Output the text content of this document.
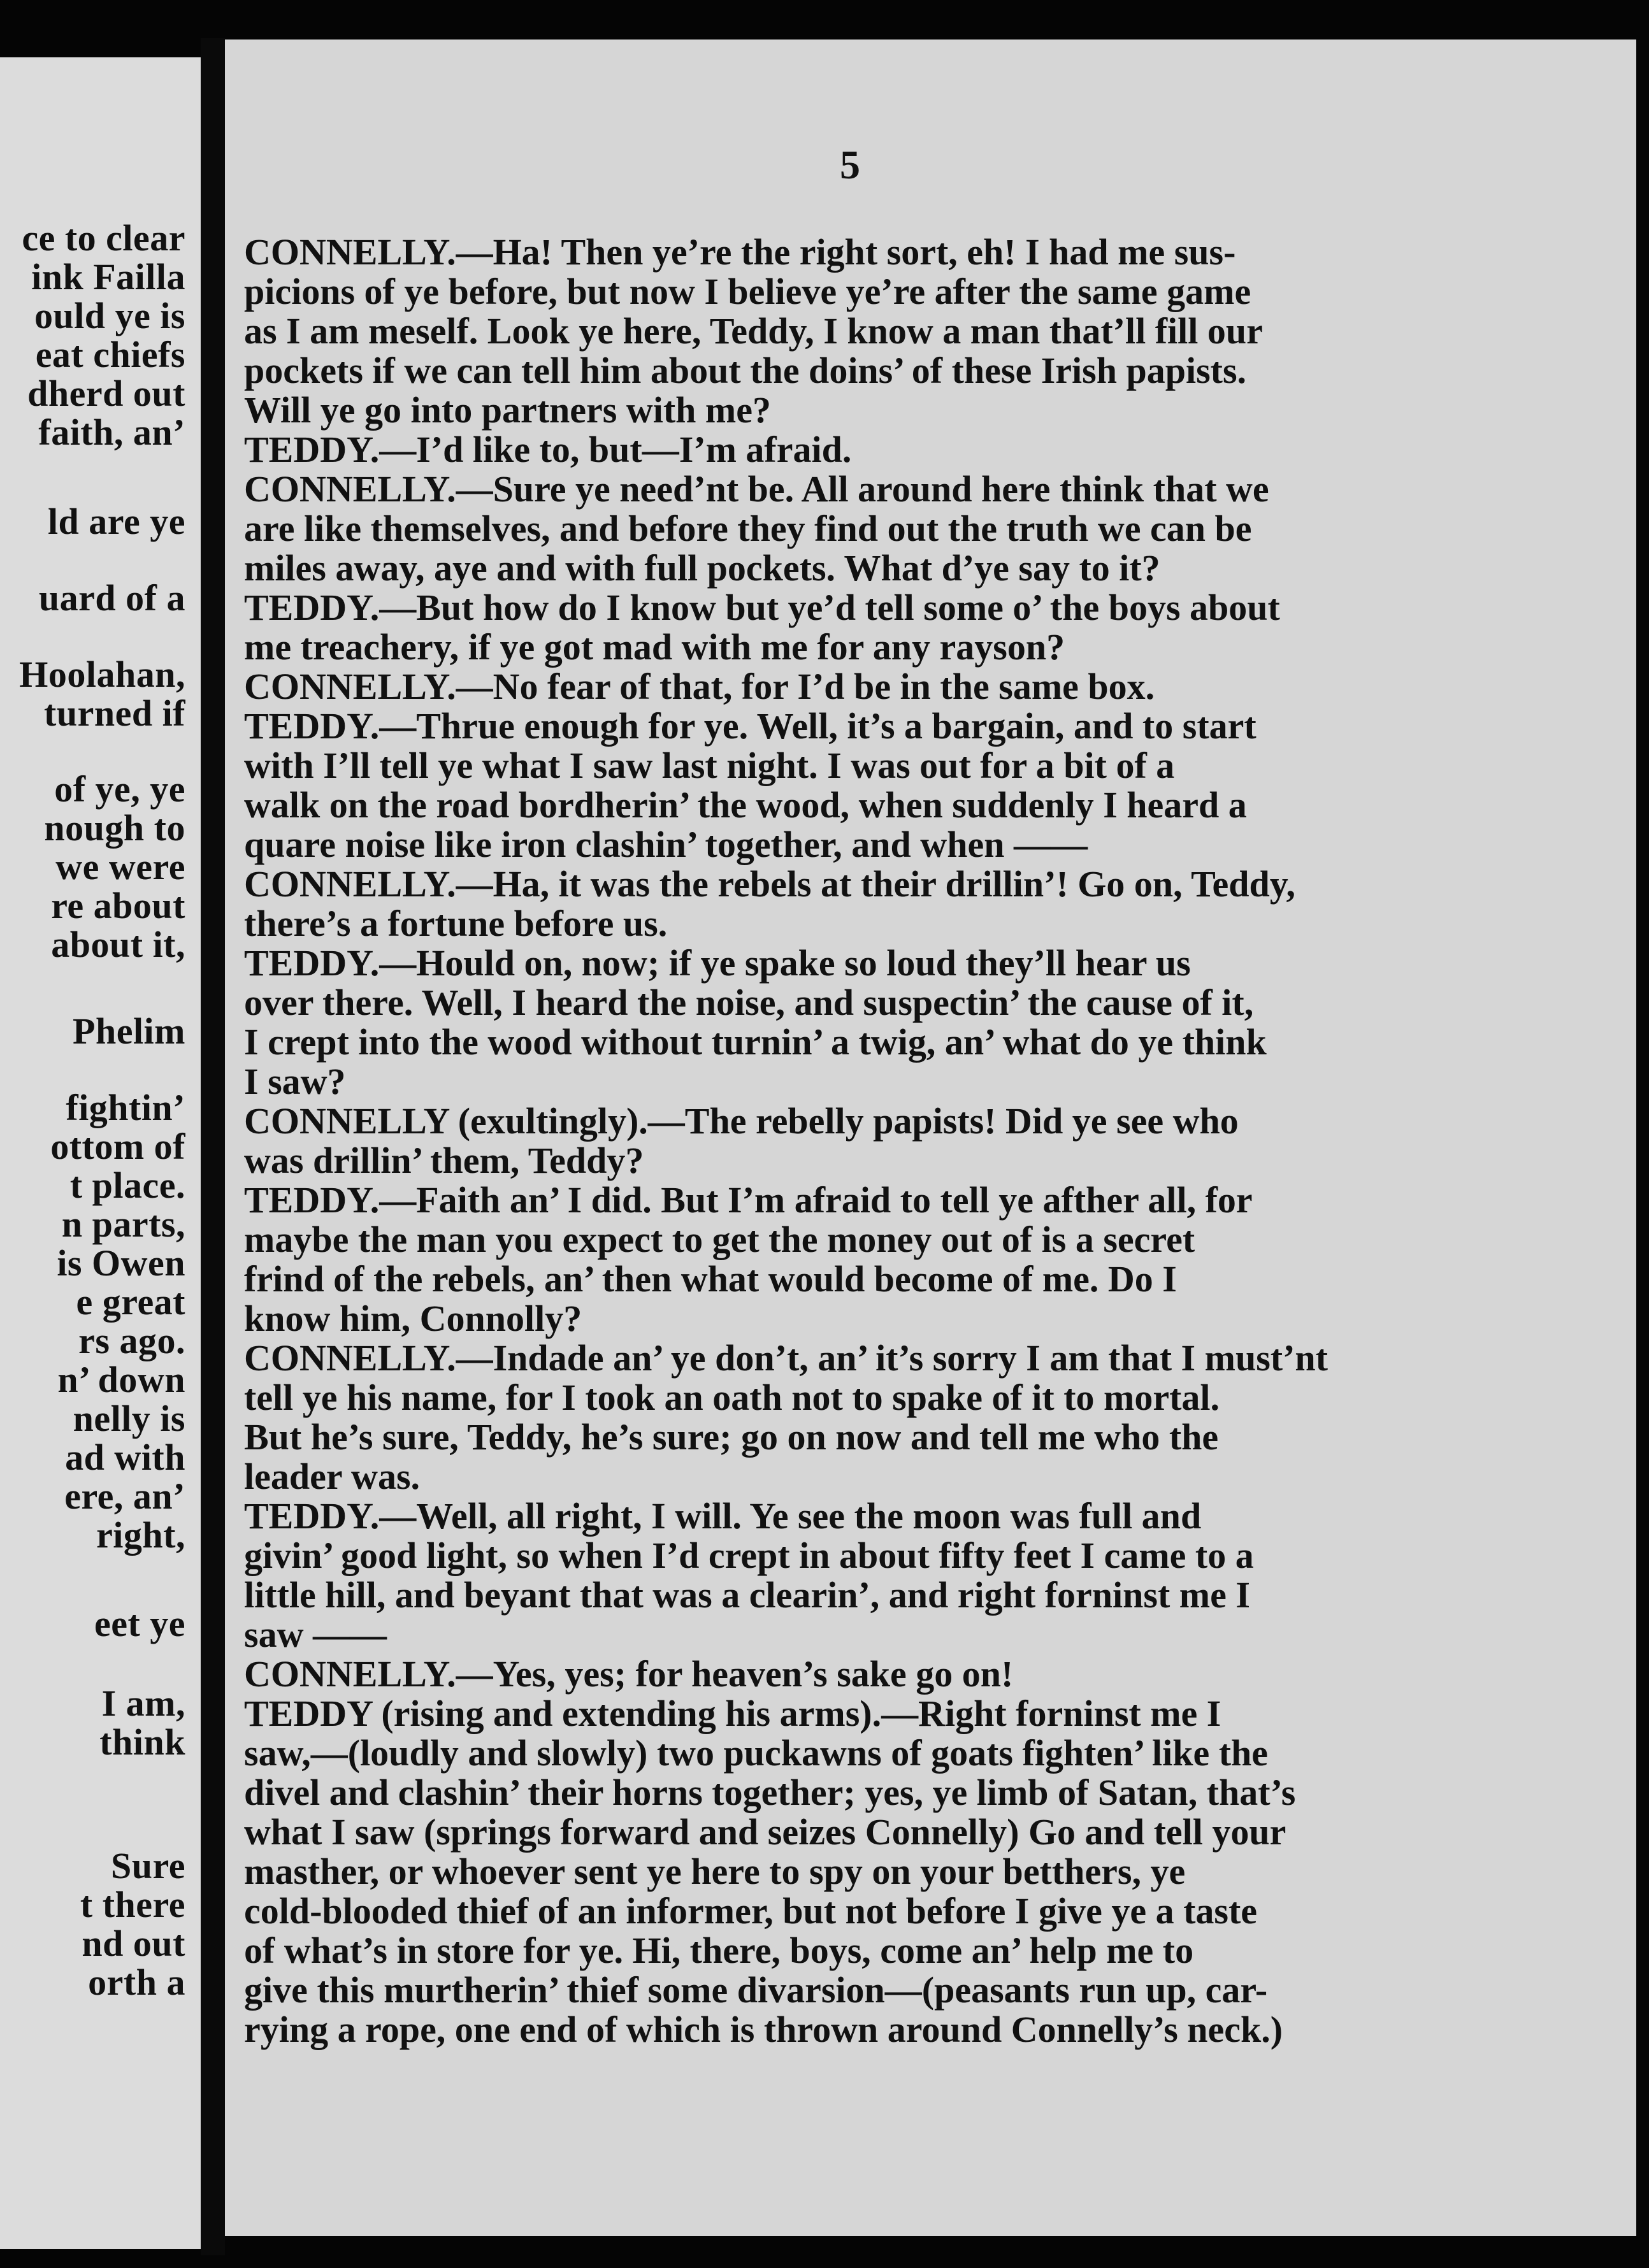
ce to clear
ink Failla
ould ye is
eat chiefs
dherd out
faith, an’
ld are ye
uard of a
Hoolahan,
turned if
of ye, ye
nough to
we were
re about
about it,
Phelim
fightin’
ottom of
t place.
n parts,
is Owen
e great
rs ago.
n’ down
nelly is
ad with
ere, an’
right,
eet ye
I am,
think
Sure
t there
nd out
orth a
5
CONNELLY.—Ha! Then ye’re the right sort, eh! I had me sus-
picions of ye before, but now I believe ye’re after the same game
as I am meself. Look ye here, Teddy, I know a man that’ll fill our
pockets if we can tell him about the doins’ of these Irish papists.
Will ye go into partners with me?
TEDDY.—I’d like to, but—I’m afraid.
CONNELLY.—Sure ye need’nt be. All around here think that we
are like themselves, and before they find out the truth we can be
miles away, aye and with full pockets. What d’ye say to it?
TEDDY.—But how do I know but ye’d tell some o’ the boys about
me treachery, if ye got mad with me for any rayson?
CONNELLY.—No fear of that, for I’d be in the same box.
TEDDY.—Thrue enough for ye. Well, it’s a bargain, and to start
with I’ll tell ye what I saw last night. I was out for a bit of a
walk on the road bordherin’ the wood, when suddenly I heard a
quare noise like iron clashin’ together, and when ——
CONNELLY.—Ha, it was the rebels at their drillin’! Go on, Teddy,
there’s a fortune before us.
TEDDY.—Hould on, now; if ye spake so loud they’ll hear us
over there. Well, I heard the noise, and suspectin’ the cause of it,
I crept into the wood without turnin’ a twig, an’ what do ye think
I saw?
CONNELLY (exultingly).—The rebelly papists! Did ye see who
was drillin’ them, Teddy?
TEDDY.—Faith an’ I did. But I’m afraid to tell ye afther all, for
maybe the man you expect to get the money out of is a secret
frind of the rebels, an’ then what would become of me. Do I
know him, Connolly?
CONNELLY.—Indade an’ ye don’t, an’ it’s sorry I am that I must’nt
tell ye his name, for I took an oath not to spake of it to mortal.
But he’s sure, Teddy, he’s sure; go on now and tell me who the
leader was.
TEDDY.—Well, all right, I will. Ye see the moon was full and
givin’ good light, so when I’d crept in about fifty feet I came to a
little hill, and beyant that was a clearin’, and right forninst me I
saw ——
CONNELLY.—Yes, yes; for heaven’s sake go on!
TEDDY (rising and extending his arms).—Right forninst me I
saw,—(loudly and slowly) two puckawns of goats fighten’ like the
divel and clashin’ their horns together; yes, ye limb of Satan, that’s
what I saw (springs forward and seizes Connelly) Go and tell your
masther, or whoever sent ye here to spy on your betthers, ye
cold-blooded thief of an informer, but not before I give ye a taste
of what’s in store for ye. Hi, there, boys, come an’ help me to
give this murtherin’ thief some divarsion—(peasants run up, car-
rying a rope, one end of which is thrown around Connelly’s neck.)
